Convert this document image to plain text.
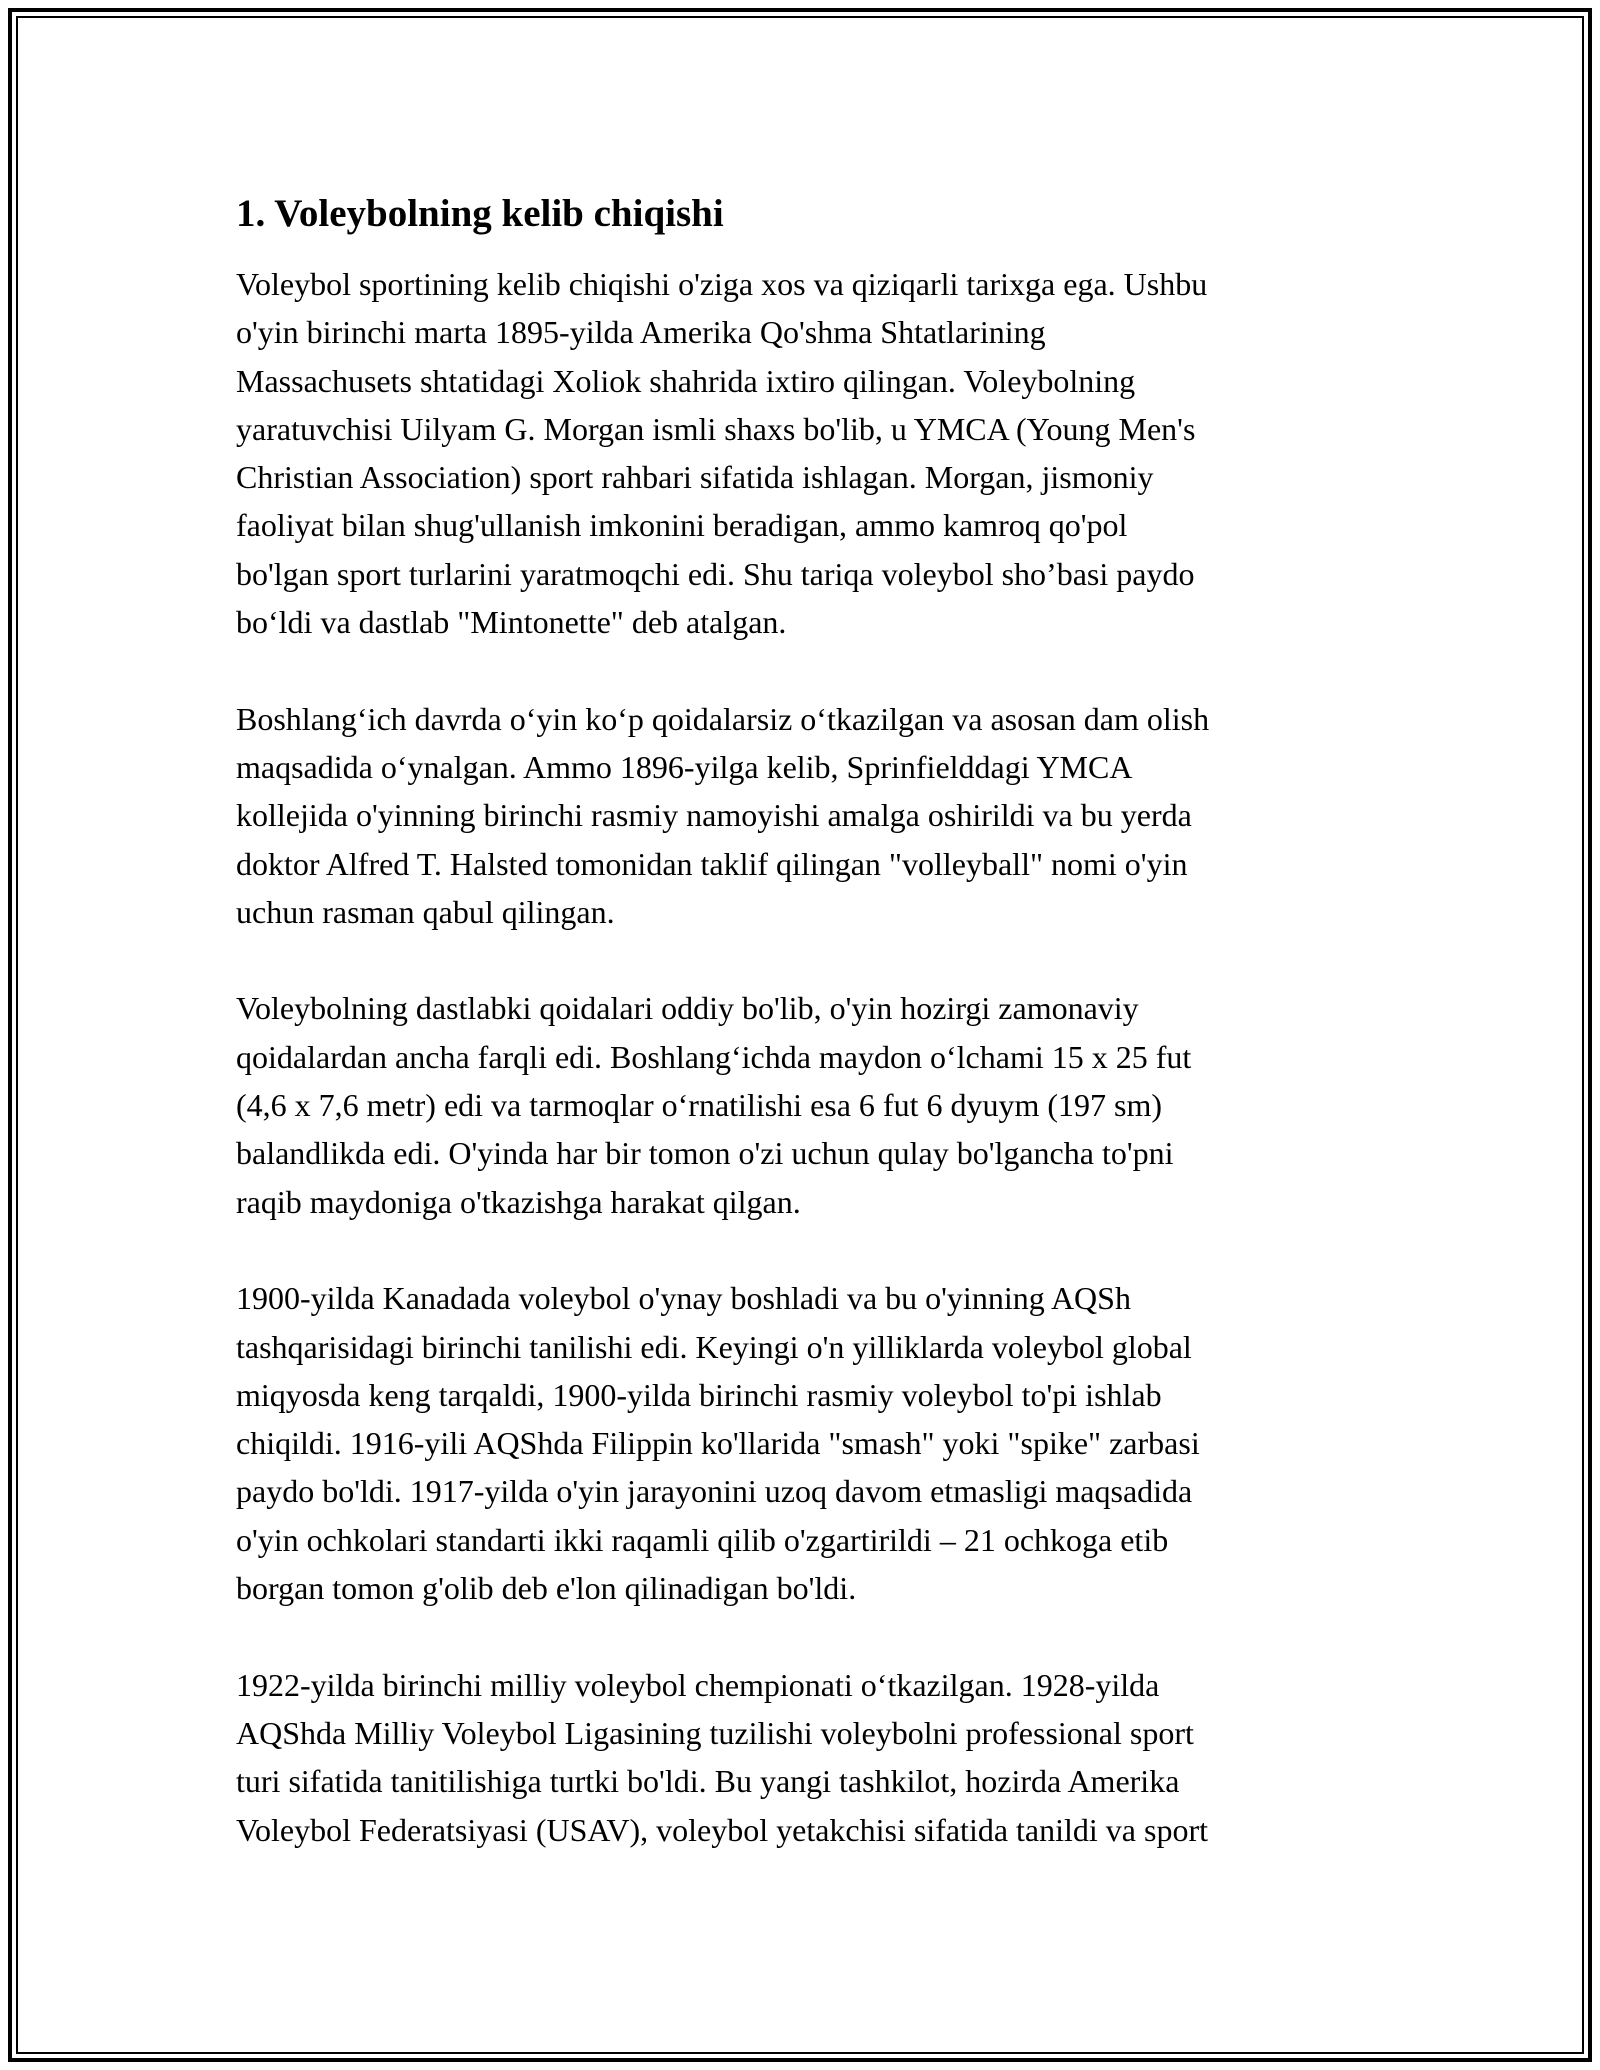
1. Voleybolning kelib chiqishi

Voleybol sportining kelib chiqishi o'ziga xos va qiziqarli tarixga ega. Ushbu
o'yin birinchi marta 1895-yilda Amerika Qo'shma Shtatlarining
Massachusets shtatidagi Xoliok shahrida ixtiro qilingan. Voleybolning
yaratuvchisi Uilyam G. Morgan ismli shaxs bo'lib, u YMCA (Young Men's
Christian Association) sport rahbari sifatida ishlagan. Morgan, jismoniy
faoliyat bilan shug'ullanish imkonini beradigan, ammo kamroq qo'pol
bo'lgan sport turlarini yaratmoqchi edi. Shu tariqa voleybol sho’basi paydo
bo‘ldi va dastlab "Mintonette" deb atalgan.

Boshlang‘ich davrda o‘yin ko‘p qoidalarsiz o‘tkazilgan va asosan dam olish
maqsadida o‘ynalgan. Ammo 1896-yilga kelib, Sprinfielddagi YMCA
kollejida o'yinning birinchi rasmiy namoyishi amalga oshirildi va bu yerda
doktor Alfred T. Halsted tomonidan taklif qilingan "volleyball" nomi o'yin
uchun rasman qabul qilingan.

Voleybolning dastlabki qoidalari oddiy bo'lib, o'yin hozirgi zamonaviy
qoidalardan ancha farqli edi. Boshlang‘ichda maydon o‘lchami 15 x 25 fut
(4,6 x 7,6 metr) edi va tarmoqlar o‘rnatilishi esa 6 fut 6 dyuym (197 sm)
balandlikda edi. O'yinda har bir tomon o'zi uchun qulay bo'lgancha to'pni
raqib maydoniga o'tkazishga harakat qilgan.

1900-yilda Kanadada voleybol o'ynay boshladi va bu o'yinning AQSh
tashqarisidagi birinchi tanilishi edi. Keyingi o'n yilliklarda voleybol global
miqyosda keng tarqaldi, 1900-yilda birinchi rasmiy voleybol to'pi ishlab
chiqildi. 1916-yili AQShda Filippin ko'llarida "smash" yoki "spike" zarbasi
paydo bo'ldi. 1917-yilda o'yin jarayonini uzoq davom etmasligi maqsadida
o'yin ochkolari standarti ikki raqamli qilib o'zgartirildi – 21 ochkoga etib
borgan tomon g'olib deb e'lon qilinadigan bo'ldi.

1922-yilda birinchi milliy voleybol chempionati o‘tkazilgan. 1928-yilda
AQShda Milliy Voleybol Ligasining tuzilishi voleybolni professional sport
turi sifatida tanitilishiga turtki bo'ldi. Bu yangi tashkilot, hozirda Amerika
Voleybol Federatsiyasi (USAV), voleybol yetakchisi sifatida tanildi va sport
